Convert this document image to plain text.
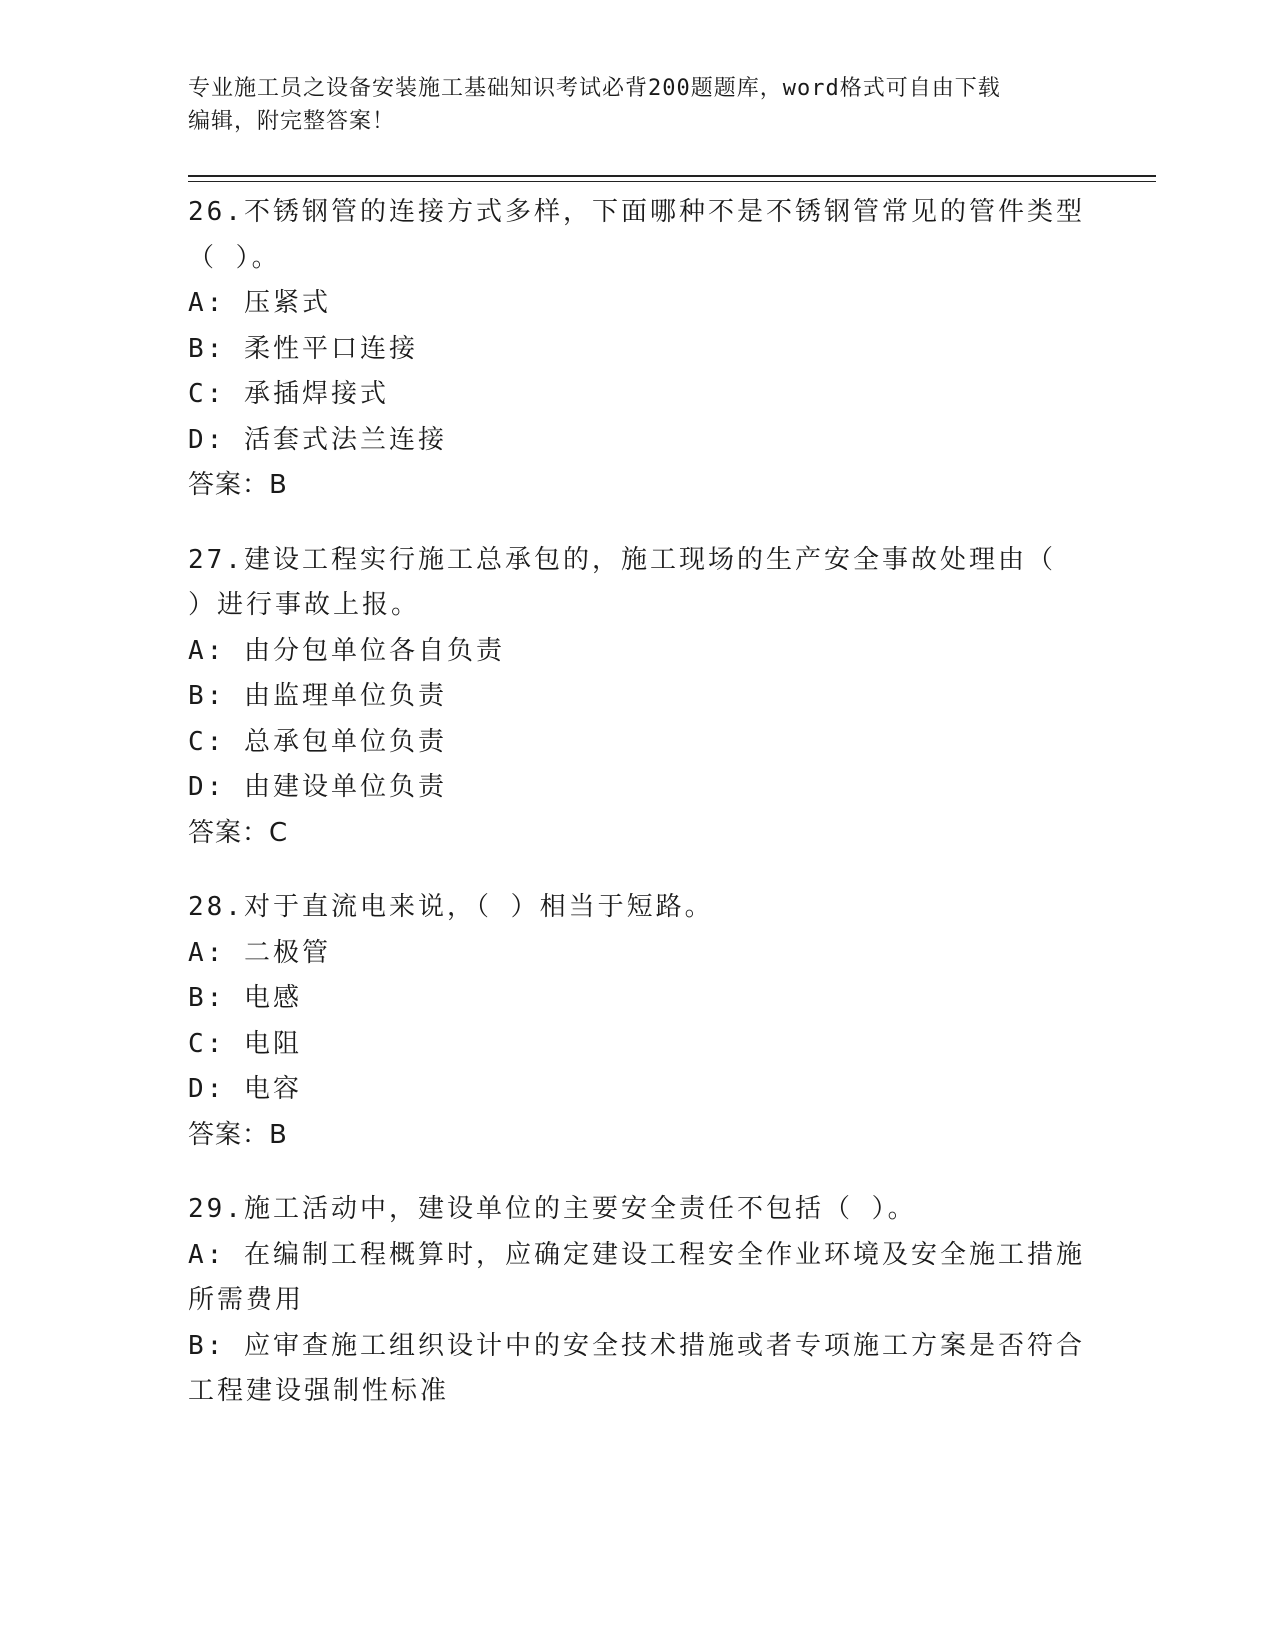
专业施工员之设备安装施工基础知识考试必背200题题库，word格式可自由下载
编辑，附完整答案！
26.不锈钢管的连接方式多样，下面哪种不是不锈钢管常见的管件类型
（ ）。
A: 压紧式
B: 柔性平口连接
C: 承插焊接式
D: 活套式法兰连接
答案：B
27.建设工程实行施工总承包的，施工现场的生产安全事故处理由（
）进行事故上报。
A: 由分包单位各自负责
B: 由监理单位负责
C: 总承包单位负责
D: 由建设单位负责
答案：C
28.对于直流电来说，（ ）相当于短路。
A: 二极管
B: 电感
C: 电阻
D: 电容
答案：B
29.施工活动中，建设单位的主要安全责任不包括（ ）。
A: 在编制工程概算时，应确定建设工程安全作业环境及安全施工措施
所需费用
B: 应审查施工组织设计中的安全技术措施或者专项施工方案是否符合
工程建设强制性标准
